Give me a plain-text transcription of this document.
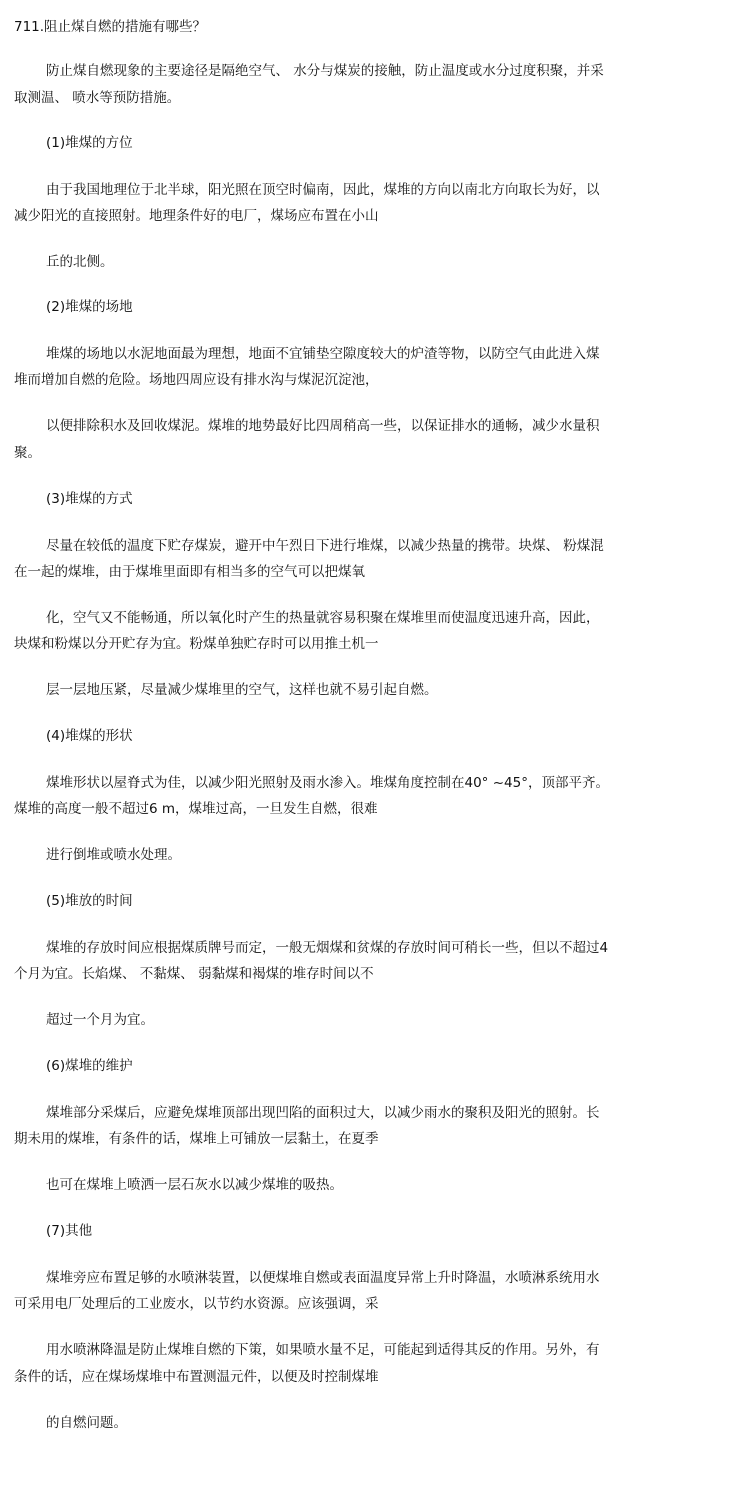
711.阻止煤自燃的措施有哪些？

防止煤自燃现象的主要途径是隔绝空气、 水分与煤炭的接触，防止温度或水分过度积聚，并采

取测温、 喷水等预防措施。

(1)堆煤的方位

由于我国地理位于北半球，阳光照在顶空时偏南，因此，煤堆的方向以南北方向取长为好，以

减少阳光的直接照射。地理条件好的电厂，煤场应布置在小山

丘的北侧。

(2)堆煤的场地

堆煤的场地以水泥地面最为理想，地面不宜铺垫空隙度较大的炉渣等物，以防空气由此进入煤

堆而增加自燃的危险。场地四周应设有排水沟与煤泥沉淀池，

以便排除积水及回收煤泥。煤堆的地势最好比四周稍高一些，以保证排水的通畅，减少水量积

聚。

(3)堆煤的方式

尽量在较低的温度下贮存煤炭，避开中午烈日下进行堆煤，以减少热量的携带。块煤、 粉煤混

在一起的煤堆，由于煤堆里面即有相当多的空气可以把煤氧

化，空气又不能畅通，所以氧化时产生的热量就容易积聚在煤堆里而使温度迅速升高，因此，

块煤和粉煤以分开贮存为宜。粉煤单独贮存时可以用推土机一

层一层地压紧，尽量减少煤堆里的空气，这样也就不易引起自燃。

(4)堆煤的形状

煤堆形状以屋脊式为佳，以减少阳光照射及雨水渗入。堆煤角度控制在40° ~45°，顶部平齐。

煤堆的高度一般不超过6 m，煤堆过高，一旦发生自燃，很难

进行倒堆或喷水处理。

(5)堆放的时间

煤堆的存放时间应根据煤质牌号而定，一般无烟煤和贫煤的存放时间可稍长一些，但以不超过4

个月为宜。长焰煤、 不黏煤、 弱黏煤和褐煤的堆存时间以不

超过一个月为宜。

(6)煤堆的维护

煤堆部分采煤后，应避免煤堆顶部出现凹陷的面积过大，以减少雨水的聚积及阳光的照射。长

期未用的煤堆，有条件的话，煤堆上可铺放一层黏土，在夏季

也可在煤堆上喷洒一层石灰水以减少煤堆的吸热。

(7)其他

煤堆旁应布置足够的水喷淋装置，以便煤堆自燃或表面温度异常上升时降温，水喷淋系统用水

可采用电厂处理后的工业废水，以节约水资源。应该强调，采

用水喷淋降温是防止煤堆自燃的下策，如果喷水量不足，可能起到适得其反的作用。另外，有

条件的话，应在煤场煤堆中布置测温元件，以便及时控制煤堆

的自燃问题。
